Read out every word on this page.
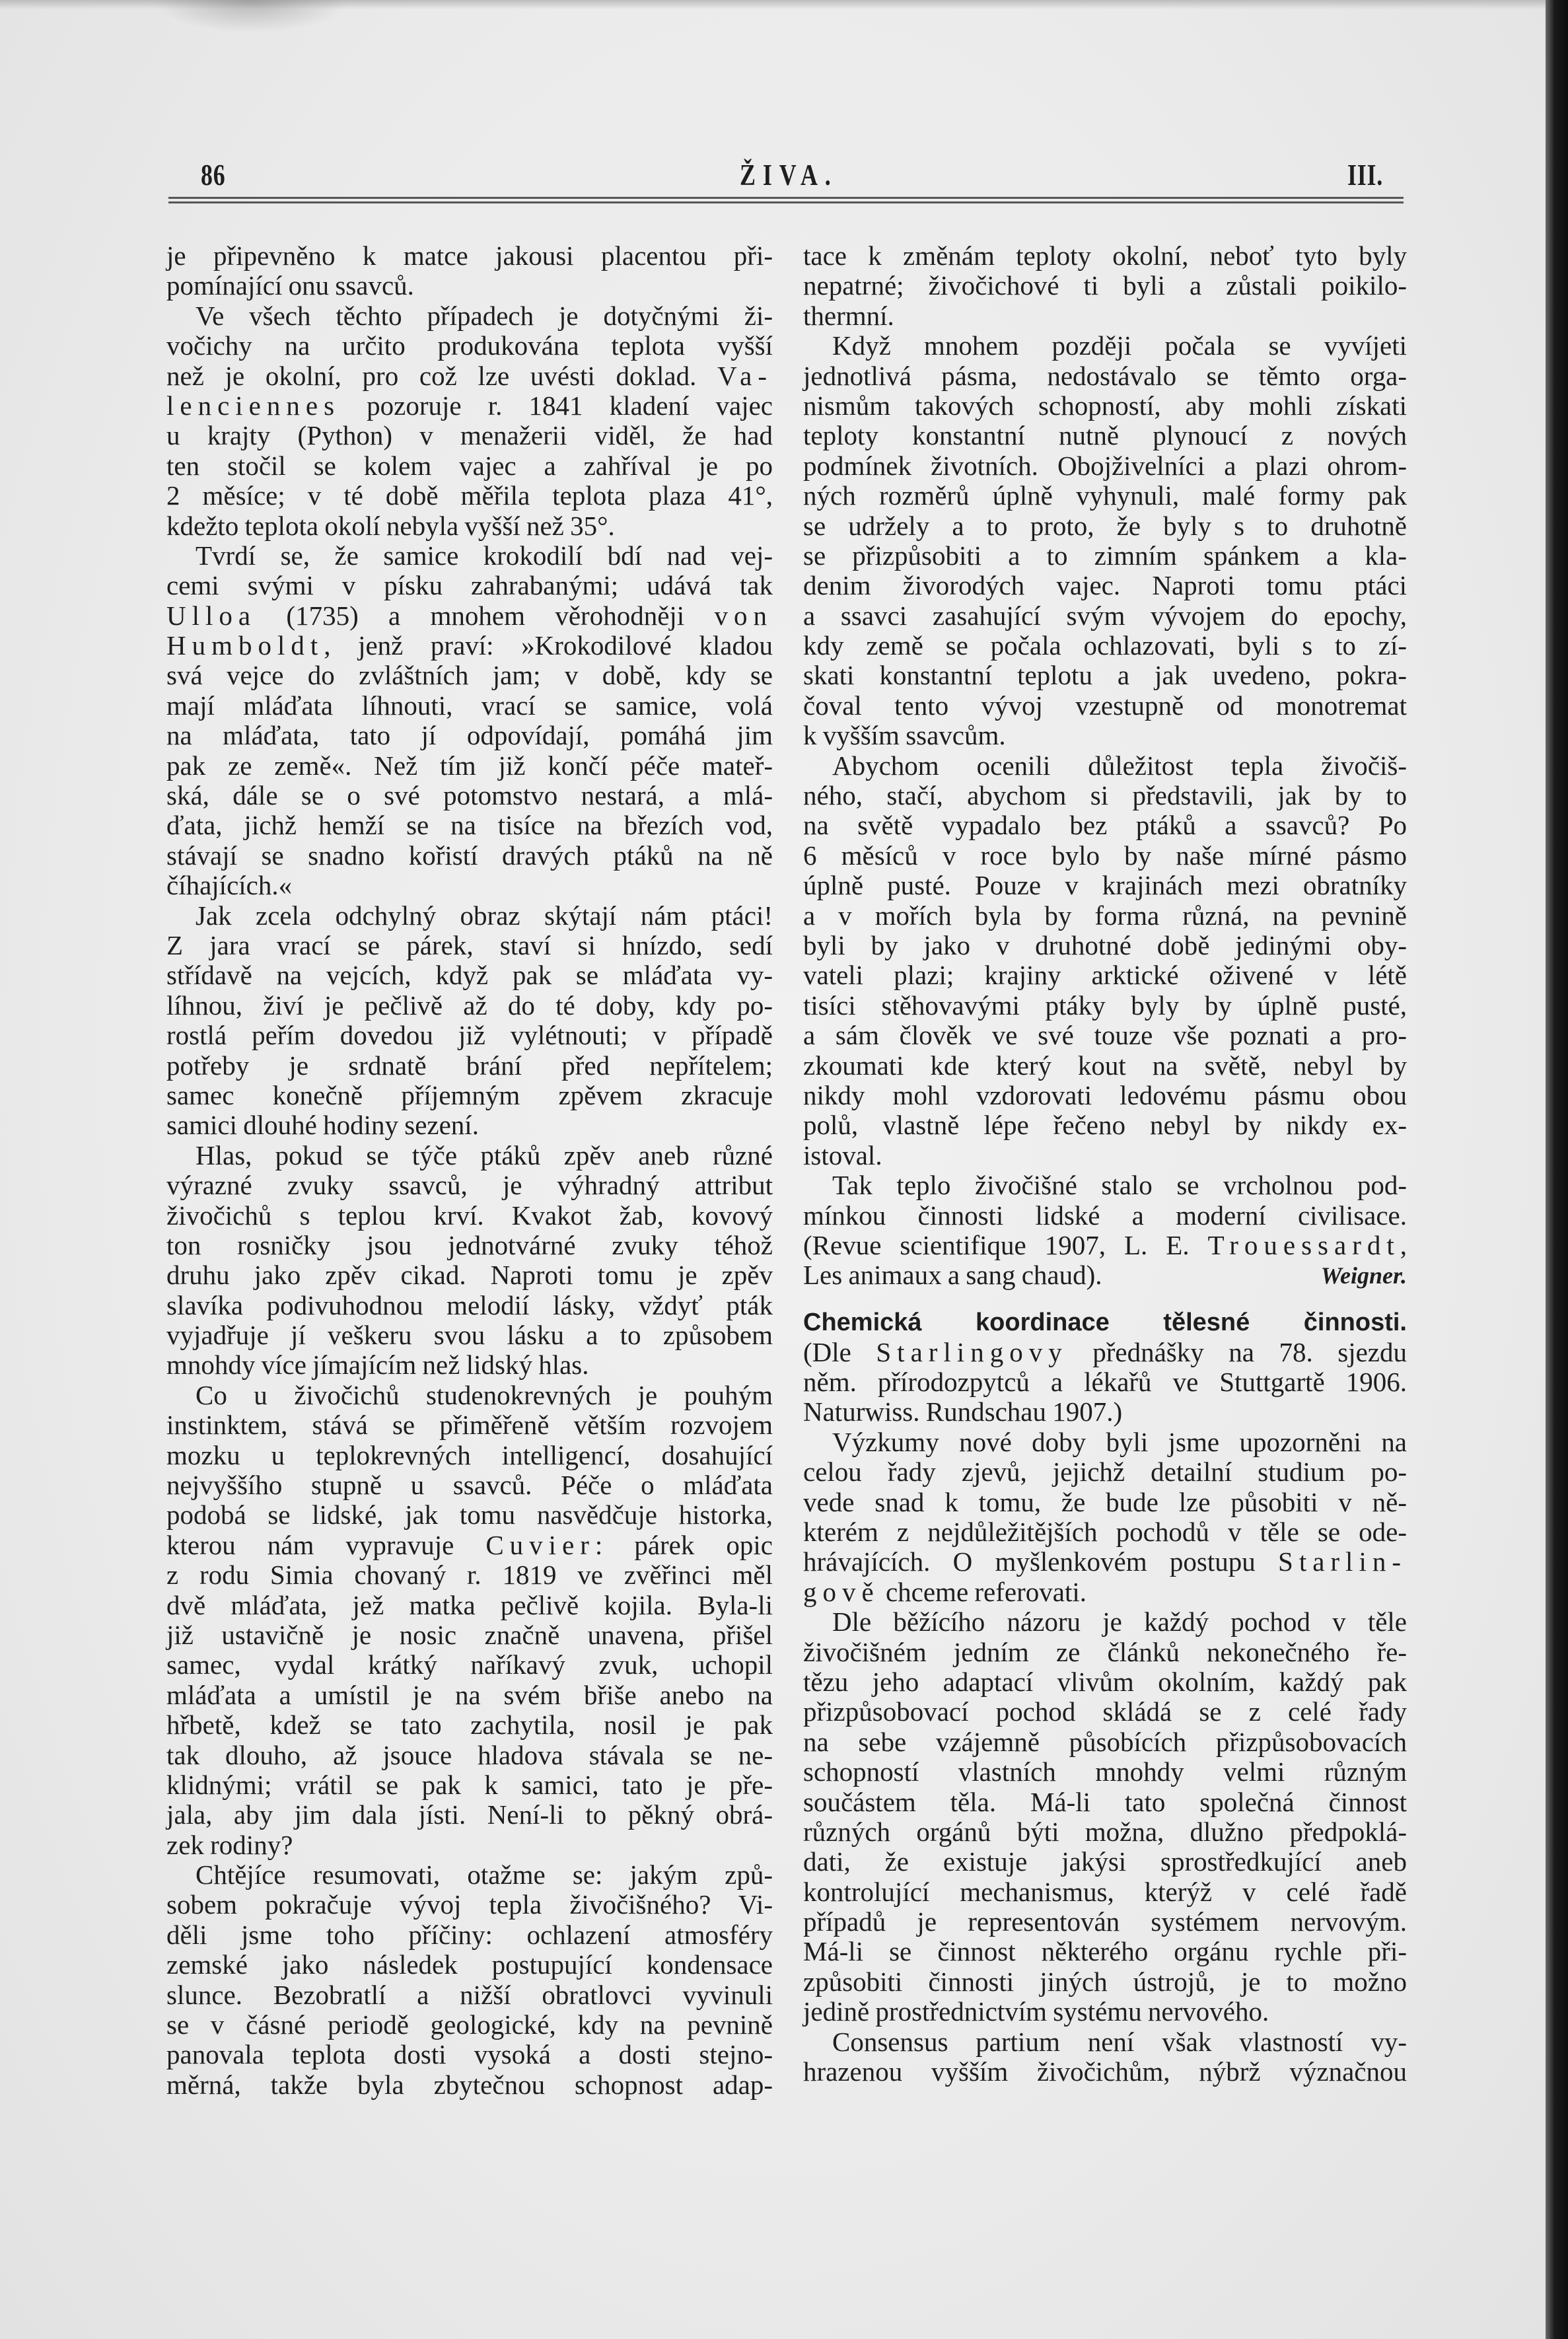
86	ŽIVA.	III.
je připevněno k matce jakousi placentou při-
pomínající onu ssavců.
Ve všech těchto případech je dotyčnými ži-
vočichy na určito produkována teplota vyšší
než je okolní, pro což lze uvésti doklad. Va-
lenciennes pozoruje r. 1841 kladení vajec
u krajty (Python) v menažerii viděl, že had
ten stočil se kolem vajec a zahříval je po
2 měsíce; v té době měřila teplota plaza 41°,
kdežto teplota okolí nebyla vyšší než 35°.
Tvrdí se, že samice krokodilí bdí nad vej-
cemi svými v písku zahrabanými; udává tak
Ulloa (1735) a mnohem věrohodněji von
Humboldt, jenž praví: »Krokodilové kladou
svá vejce do zvláštních jam; v době, kdy se
mají mláďata líhnouti, vrací se samice, volá
na mláďata, tato jí odpovídají, pomáhá jim
pak ze země«. Než tím již končí péče mateř-
ská, dále se o své potomstvo nestará, a mlá-
ďata, jichž hemží se na tisíce na březích vod,
stávají se snadno kořistí dravých ptáků na ně
číhajících.«
Jak zcela odchylný obraz skýtají nám ptáci!
Z jara vrací se párek, staví si hnízdo, sedí
střídavě na vejcích, když pak se mláďata vy-
líhnou, živí je pečlivě až do té doby, kdy po-
rostlá peřím dovedou již vylétnouti; v případě
potřeby je srdnatě brání před nepřítelem;
samec konečně příjemným zpěvem zkracuje
samici dlouhé hodiny sezení.
Hlas, pokud se týče ptáků zpěv aneb různé
výrazné zvuky ssavců, je výhradný attribut
živočichů s teplou krví. Kvakot žab, kovový
ton rosničky jsou jednotvárné zvuky téhož
druhu jako zpěv cikad. Naproti tomu je zpěv
slavíka podivuhodnou melodií lásky, vždyť pták
vyjadřuje jí veškeru svou lásku a to způsobem
mnohdy více jímajícím než lidský hlas.
Co u živočichů studenokrevných je pouhým
instinktem, stává se přiměřeně větším rozvojem
mozku u teplokrevných intelligencí, dosahující
nejvyššího stupně u ssavců. Péče o mláďata
podobá se lidské, jak tomu nasvědčuje historka,
kterou nám vypravuje Cuvier: párek opic
z rodu Simia chovaný r. 1819 ve zvěřinci měl
dvě mláďata, jež matka pečlivě kojila. Byla-li
již ustavičně je nosic značně unavena, přišel
samec, vydal krátký naříkavý zvuk, uchopil
mláďata a umístil je na svém břiše anebo na
hřbetě, kdež se tato zachytila, nosil je pak
tak dlouho, až jsouce hladova stávala se ne-
klidnými; vrátil se pak k samici, tato je pře-
jala, aby jim dala jísti. Není-li to pěkný obrá-
zek rodiny?
Chtějíce resumovati, otažme se: jakým způ-
sobem pokračuje vývoj tepla živočišného? Vi-
děli jsme toho příčiny: ochlazení atmosféry
zemské jako následek postupující kondensace
slunce. Bezobratlí a nižší obratlovci vyvinuli
se v čásné periodě geologické, kdy na pevnině
panovala teplota dosti vysoká a dosti stejno-
měrná, takže byla zbytečnou schopnost adap-
tace k změnám teploty okolní, neboť tyto byly
nepatrné; živočichové ti byli a zůstali poikilo-
thermní.
Když mnohem později počala se vyvíjeti
jednotlivá pásma, nedostávalo se těmto orga-
nismům takových schopností, aby mohli získati
teploty konstantní nutně plynoucí z nových
podmínek životních. Obojživelníci a plazi ohrom-
ných rozměrů úplně vyhynuli, malé formy pak
se udržely a to proto, že byly s to druhotně
se přizpůsobiti a to zimním spánkem a kla-
denim živorodých vajec. Naproti tomu ptáci
a ssavci zasahující svým vývojem do epochy,
kdy země se počala ochlazovati, byli s to zí-
skati konstantní teplotu a jak uvedeno, pokra-
čoval tento vývoj vzestupně od monotremat
k vyšším ssavcům.
Abychom ocenili důležitost tepla živočiš-
ného, stačí, abychom si představili, jak by to
na světě vypadalo bez ptáků a ssavců? Po
6 měsíců v roce bylo by naše mírné pásmo
úplně pusté. Pouze v krajinách mezi obratníky
a v mořích byla by forma různá, na pevnině
byli by jako v druhotné době jedinými oby-
vateli plazi; krajiny arktické oživené v létě
tisíci stěhovavými ptáky byly by úplně pusté,
a sám člověk ve své touze vše poznati a pro-
zkoumati kde který kout na světě, nebyl by
nikdy mohl vzdorovati ledovému pásmu obou
polů, vlastně lépe řečeno nebyl by nikdy ex-
istoval.
Tak teplo živočišné stalo se vrcholnou pod-
mínkou činnosti lidské a moderní civilisace.
(Revue scientifique 1907, L. E. Trouessardt,
Les animaux a sang chaud).	Weigner.
Chemická koordinace tělesné činnosti.
(Dle Starlingovy přednášky na 78. sjezdu
něm. přírodozpytců a lékařů ve Stuttgartě 1906.
Naturwiss. Rundschau 1907.)
Výzkumy nové doby byli jsme upozorněni na
celou řady zjevů, jejichž detailní studium po-
vede snad k tomu, že bude lze působiti v ně-
kterém z nejdůležitějších pochodů v těle se ode-
hrávajících. O myšlenkovém postupu Starlin-
gově chceme referovati.
Dle běžícího názoru je každý pochod v těle
živočišném jedním ze článků nekonečného ře-
tězu jeho adaptací vlivům okolním, každý pak
přizpůsobovací pochod skládá se z celé řady
na sebe vzájemně působících přizpůsobovacích
schopností vlastních mnohdy velmi různým
součástem těla. Má-li tato společná činnost
různých orgánů býti možna, dlužno předpoklá-
dati, že existuje jakýsi sprostředkující aneb
kontrolující mechanismus, kterýž v celé řadě
případů je representován systémem nervovým.
Má-li se činnost některého orgánu rychle při-
způsobiti činnosti jiných ústrojů, je to možno
jedině prostřednictvím systému nervového.
Consensus partium není však vlastností vy-
hrazenou vyšším živočichům, nýbrž význačnou
